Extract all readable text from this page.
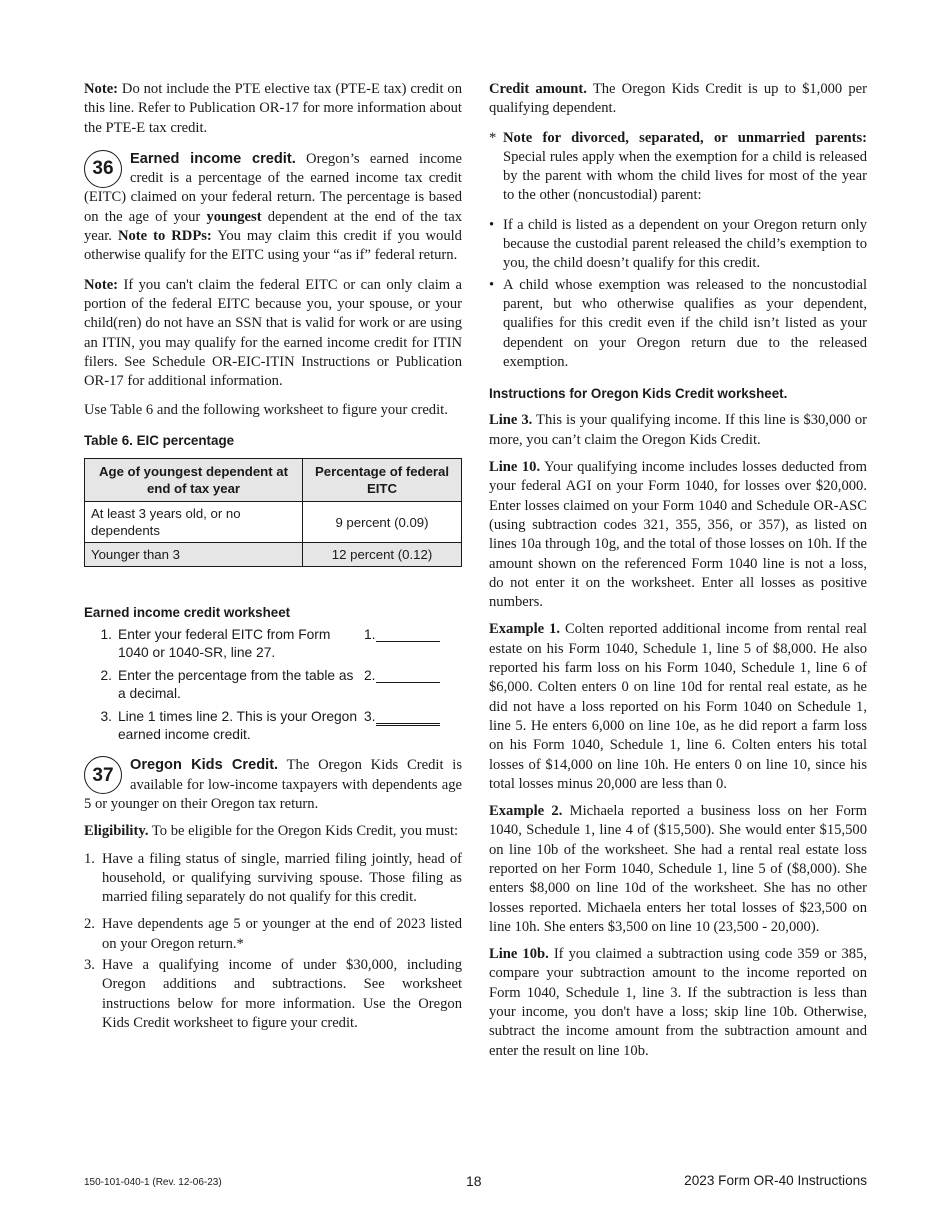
Note: Do not include the PTE elective tax (PTE-E tax) credit on this line. Refer to Publication OR-17 for more information about the PTE-E tax credit.

36	Earned income credit. Oregon’s earned income credit is a percentage of the earned income tax credit (EITC) claimed on your federal return. The percentage is based on the age of your youngest dependent at the end of the tax year. Note to RDPs: You may claim this credit if you would otherwise qualify for the EITC using your “as if” federal return.

Note: If you can't claim the federal EITC or can only claim a portion of the federal EITC because you, your spouse, or your child(ren) do not have an SSN that is valid for work or are using an ITIN, you may qualify for the earned income credit for ITIN filers. See Schedule OR-EIC-ITIN Instructions or Publication OR-17 for additional information.

Use Table 6 and the following worksheet to figure your credit.

Table 6. EIC percentage
Age of youngest dependent at end of tax year	Percentage of federal EITC
At least 3 years old, or no dependents	9 percent (0.09)
Younger than 3	12 percent (0.12)
Earned income credit worksheet
1. Enter your federal EITC from Form 1040 or 1040-SR, line 27.
1.
2. Enter the percentage from the table as a decimal.
2.
3. Line 1 times line 2. This is your Oregon earned income credit.
3.
37	Oregon Kids Credit. The Oregon Kids Credit is available for low-income taxpayers with dependents age 5 or younger on their Oregon tax return.

Eligibility. To be eligible for the Oregon Kids Credit, you must:

1. Have a filing status of single, married filing jointly, head of household, or qualifying surviving spouse. Those filing as married filing separately do not qualify for this credit.
2. Have dependents age 5 or younger at the end of 2023 listed on your Oregon return.*
3. Have a qualifying income of under $30,000, including Oregon additions and subtractions. See worksheet instructions below for more information. Use the Oregon Kids Credit worksheet to figure your credit.

Credit amount. The Oregon Kids Credit is up to $1,000 per qualifying dependent.

* Note for divorced, separated, or unmarried parents: Special rules apply when the exemption for a child is released by the parent with whom the child lives for most of the year to the other (noncustodial) parent:
• If a child is listed as a dependent on your Oregon return only because the custodial parent released the child’s exemption to you, the child doesn’t qualify for this credit.
• A child whose exemption was released to the noncustodial parent, but who otherwise qualifies as your dependent, qualifies for this credit even if the child isn’t listed as your dependent on your Oregon return due to the released exemption.
Instructions for Oregon Kids Credit worksheet.

Line 3. This is your qualifying income. If this line is $30,000 or more, you can’t claim the Oregon Kids Credit.

Line 10. Your qualifying income includes losses deducted from your federal AGI on your Form 1040, for losses over $20,000. Enter losses claimed on your Form 1040 and Schedule OR-ASC (using subtraction codes 321, 355, 356, or 357), as listed on lines 10a through 10g, and the total of those losses on 10h. If the amount shown on the referenced Form 1040 line is not a loss, do not enter it on the worksheet. Enter all losses as positive numbers.

Example 1. Colten reported additional income from rental real estate on his Form 1040, Schedule 1, line 5 of $8,000. He also reported his farm loss on his Form 1040, Schedule 1, line 6 of $6,000. Colten enters 0 on line 10d for rental real estate, as he did not have a loss reported on his Form 1040 on Schedule 1, line 5. He enters 6,000 on line 10e, as he did report a farm loss on his Form 1040, Schedule 1, line 6. Colten enters his total losses of $14,000 on line 10h. He enters 0 on line 10, since his total losses minus 20,000 are less than 0.

Example 2. Michaela reported a business loss on her Form 1040, Schedule 1, line 4 of ($15,500). She would enter $15,500 on line 10b of the worksheet. She had a rental real estate loss reported on her Form 1040, Schedule 1, line 5 of ($8,000). She enters $8,000 on line 10d of the worksheet. She has no other losses reported. Michaela enters her total losses of $23,500 on line 10h. She enters $3,500 on line 10 (23,500 - 20,000).

Line 10b. If you claimed a subtraction using code 359 or 385, compare your subtraction amount to the income reported on Form 1040, Schedule 1, line 3. If the subtraction is less than your income, you don't have a loss; skip line 10b. Otherwise, subtract the income amount from the subtraction amount and enter the result on line 10b.

150-101-040-1 (Rev. 12-06-23)	18	2023 Form OR-40 Instructions
